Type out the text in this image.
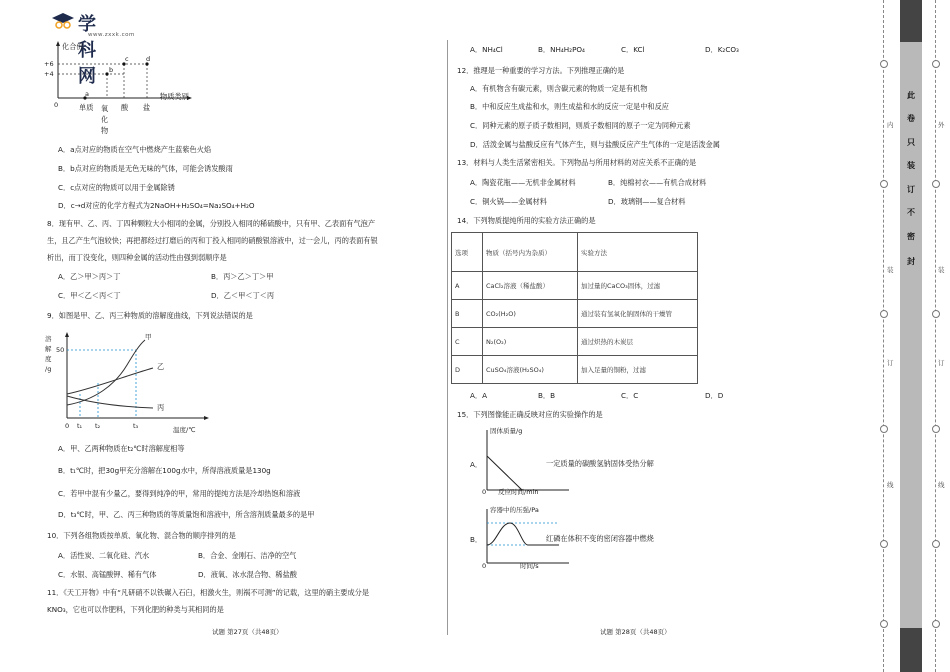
学科网
www.zxxk.com
化合价
+6
+4
0
a
b
c	d
物质类别
单质 氧化物
酸 盐
A．a点对应的物质在空气中燃烧产生蓝紫色火焰
B．b点对应的物质是无色无味的气体，可能会诱发酸雨
C．c点对应的物质可以用于金属除锈
D．c→d对应的化学方程式为2NaOH+H₂SO₄=Na₂SO₄+H₂O
8．现有甲、乙、丙、丁四种颗粒大小相同的金属，分别投入相同的稀硫酸中，只有甲、乙表面有气泡产
生，且乙产生气泡较快；再把都经过打磨后的丙和丁投入相同的硝酸银溶液中，过一会儿，丙的表面有银
析出，而丁没变化，则四种金属的活动性由强到弱顺序是
A．乙＞甲＞丙＞丁	B．丙＞乙＞丁＞甲
C．甲＜乙＜丙＜丁	D．乙＜甲＜丁＜丙
9．如图是甲、乙、丙三种物质的溶解度曲线，下列说法错误的是
溶
解
度
/g
50
甲
乙
丙
0 t₁ t₂	t₃	温度/℃
A．甲、乙两种物质在t₂℃时溶解度相等
B．t₁℃时，把30g甲充分溶解在100g水中，所得溶液质量是130g
C．若甲中混有少量乙，要得到纯净的甲，常用的提纯方法是冷却热饱和溶液
D．t₃℃时，甲、乙、丙三种物质的等质量饱和溶液中，所含溶剂质量最多的是甲
10．下列各组物质按单质、氧化物、混合物的顺序排列的是
A．活性炭、二氧化硅、汽水	B．合金、金刚石、洁净的空气
C．水银、高锰酸钾、稀有气体	D．液氧、冰水混合物、稀盐酸
11．《天工开物》中有“凡研硝不以铁碾入石臼，相激火生，则祸不可测”的记载，这里的硝主要成分是
KNO₃，它也可以作肥料，下列化肥的种类与其相同的是
试题 第27页（共48页）
A．NH₄Cl	B．NH₄H₂PO₄	C．KCl	D．K₂CO₃
12．推理是一种重要的学习方法。下列推理正确的是
A．有机物含有碳元素，则含碳元素的物质一定是有机物
B．中和反应生成盐和水，则生成盐和水的反应一定是中和反应
C．同种元素的原子质子数相同，则质子数相同的原子一定为同种元素
D．活泼金属与盐酸反应有气体产生，则与盐酸反应产生气体的一定是活泼金属
13．材料与人类生活紧密相关。下列物品与所用材料的对应关系不正确的是
A．陶瓷花瓶——无机非金属材料	B．纯棉衬衣——有机合成材料
C．铜火锅——金属材料	D．玻璃钢——复合材料
14．下列物质提纯所用的实验方法正确的是
选项	物质（括号内为杂质）	实验方法
A	CaCl₂溶液（稀盐酸）	加过量的CaCO₃固体，过滤
B	CO₂(H₂O)	通过装有氢氧化钠固体的干燥管
C	N₂(O₂)	通过炽热的木炭层
D	CuSO₄溶液(H₂SO₄)	加入足量的铜粉，过滤
A．A	B．B	C．C	D．D
15．下列图像能正确反映对应的实验操作的是
A．
固体质量/g
0 反应时间/min
一定质量的碳酸氢钠固体受热分解
B．
容器中的压强/Pa
0	时间/s
红磷在体积不变的密闭容器中燃烧
试题 第28页（共48页）
此
卷
只
装
订
不
密
封
内
装
订
线
外
装
订
线
